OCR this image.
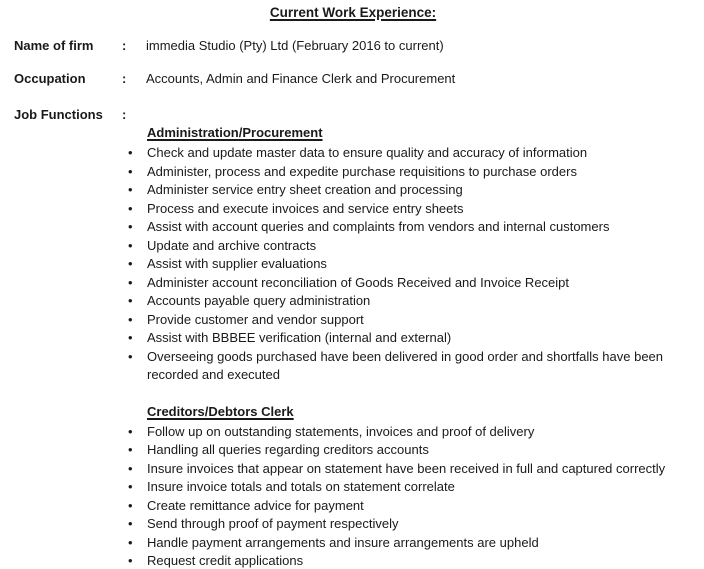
Current Work Experience:
Name of firm	:	immedia Studio (Pty) Ltd (February 2016 to current)
Occupation	:	Accounts, Admin and Finance Clerk and Procurement
Job Functions	:
Administration/Procurement
• Check and update master data to ensure quality and accuracy of information
• Administer, process and expedite purchase requisitions to purchase orders
• Administer service entry sheet creation and processing
• Process and execute invoices and service entry sheets
• Assist with account queries and complaints from vendors and internal customers
• Update and archive contracts
• Assist with supplier evaluations
• Administer account reconciliation of Goods Received and Invoice Receipt
• Accounts payable query administration
• Provide customer and vendor support
• Assist with BBBEE verification (internal and external)
• Overseeing goods purchased have been delivered in good order and shortfalls have been recorded and executed
Creditors/Debtors Clerk
• Follow up on outstanding statements, invoices and proof of delivery
• Handling all queries regarding creditors accounts
• Insure invoices that appear on statement have been received in full and captured correctly
• Insure invoice totals and totals on statement correlate
• Create remittance advice for payment
• Send through proof of payment respectively
• Handle payment arrangements and insure arrangements are upheld
• Request credit applications
